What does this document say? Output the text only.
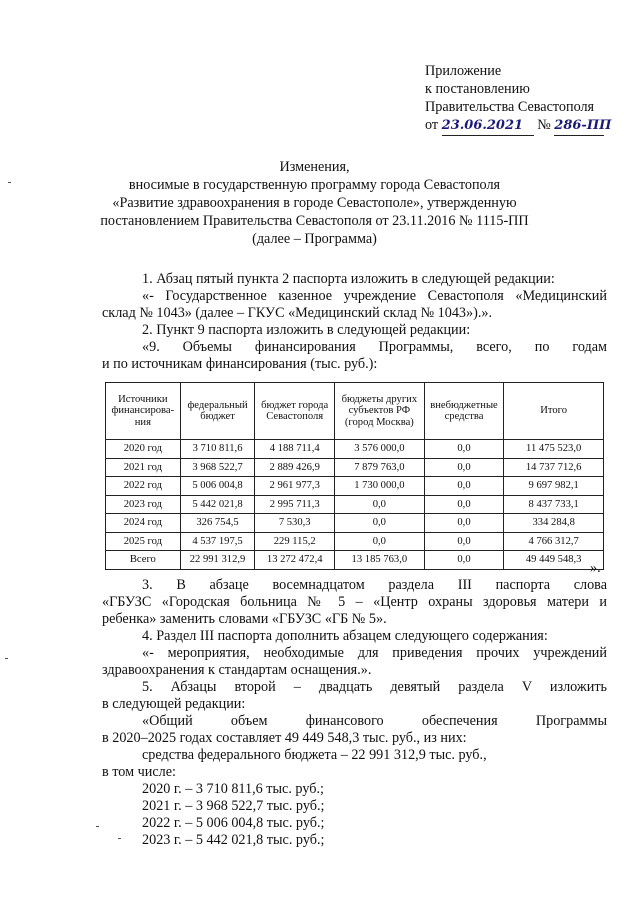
Приложение
к постановлению
Правительства Севастополя
от 23.06.2021 № 286-ПП
Изменения,
вносимые в государственную программу города Севастополя
«Развитие здравоохранения в городе Севастополе», утвержденную
постановлением Правительства Севастополя от 23.11.2016 № 1115-ПП
(далее – Программа)

1. Абзац пятый пункта 2 паспорта изложить в следующей редакции:

«- Государственное казенное учреждение Севастополя «Медицинский

склад № 1043» (далее – ГКУС «Медицинский склад № 1043»).».

2. Пункт 9 паспорта изложить в следующей редакции:

«9. Объемы финансирования Программы, всего, по годам

и по источникам финансирования (тыс. руб.):

Источники финансирова-ния	федеральный бюджет	бюджет города Севастополя	бюджеты других субъектов РФ (город Москва)	внебюджетные средства	Итого
2020 год	3 710 811,6	4 188 711,4	3 576 000,0	0,0	11 475 523,0
2021 год	3 968 522,7	2 889 426,9	7 879 763,0	0,0	14 737 712,6
2022 год	5 006 004,8	2 961 977,3	1 730 000,0	0,0	9 697 982,1
2023 год	5 442 021,8	2 995 711,3	0,0	0,0	8 437 733,1
2024 год	326 754,5	7 530,3	0,0	0,0	334 284,8
2025 год	4 537 197,5	229 115,2	0,0	0,0	4 766 312,7
Всего	22 991 312,9	13 272 472,4	13 185 763,0	0,0	49 449 548,3
».

3. В абзаце восемнадцатом раздела III паспорта слова

«ГБУЗС «Городская больница № 5 – «Центр охраны здоровья матери и

ребенка» заменить словами «ГБУЗС «ГБ № 5».

4. Раздел III паспорта дополнить абзацем следующего содержания:

«- мероприятия, необходимые для приведения прочих учреждений

здравоохранения к стандартам оснащения.».

5. Абзацы второй – двадцать девятый раздела V изложить

в следующей редакции:

«Общий объем финансового обеспечения Программы

в 2020–2025 годах составляет 49 449 548,3 тыс. руб., из них:

средства федерального бюджета – 22 991 312,9 тыс. руб.,

в том числе:

2020 г. – 3 710 811,6 тыс. руб.;

2021 г. – 3 968 522,7 тыс. руб.;

2022 г. – 5 006 004,8 тыс. руб.;

2023 г. – 5 442 021,8 тыс. руб.;
